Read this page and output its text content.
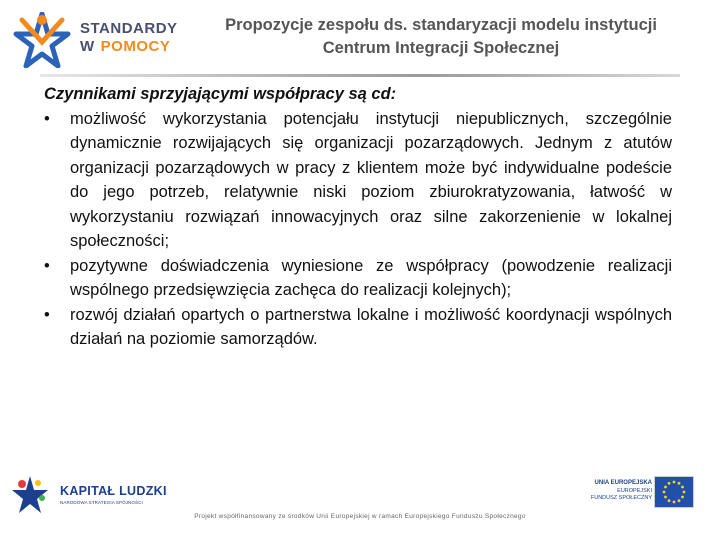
STANDARDY
W POMOCY
Propozycje zespołu ds. standaryzacji modelu instytucji
Centrum Integracji Społecznej

Czynnikami sprzyjającymi współpracy są cd:

• możliwość wykorzystania potencjału instytucji niepublicznych, szczególnie dynamicznie rozwijających się organizacji pozarządowych. Jednym z atutów organizacji pozarządowych w pracy z klientem może być indywidualne podeście do jego potrzeb, relatywnie niski poziom zbiurokratyzowania, łatwość w wykorzystaniu rozwiązań innowacyjnych oraz silne zakorzenienie w lokalnej społeczności;
• pozytywne doświadczenia wyniesione ze współpracy (powodzenie realizacji wspólnego przedsięwzięcia zachęca do realizacji kolejnych);
• rozwój działań opartych o partnerstwa lokalne i możliwość koordynacji wspólnych działań na poziomie samorządów.
KAPITAŁ LUDZKI
NARODOWA STRATEGIA SPÓJNOŚCI
Projekt współfinansowany ze środków Unii Europejskiej w ramach Europejskiego Funduszu Społecznego
UNIA EUROPEJSKA
EUROPEJSKI
FUNDUSZ SPOŁECZNY
